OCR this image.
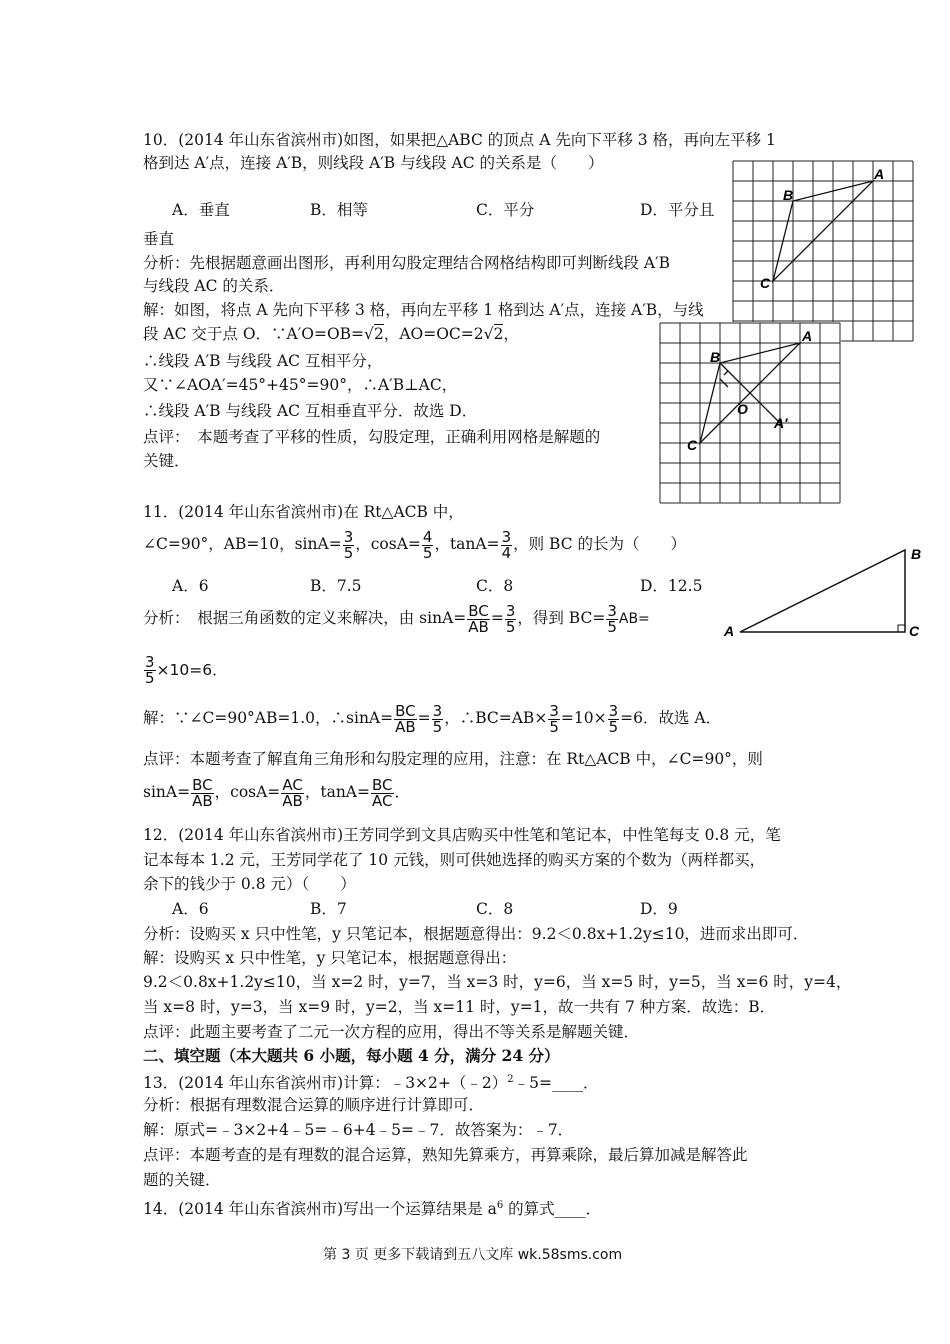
10．(2014 年山东省滨州市)如图，如果把△ABC 的顶点 A 先向下平移 3 格，再向左平移 1
格到达 A′点，连接 A′B，则线段 A′B 与线段 AC 的关系是（　　）
A．垂直	B．相等	C．平分	D．平分且
垂直
分析：先根据题意画出图形，再利用勾股定理结合网格结构即可判断线段 A′B
与线段 AC 的关系．
解：如图，将点 A 先向下平移 3 格，再向左平移 1 格到达 A′点，连接 A′B，与线
段 AC 交于点 O．∵A′O=OB=√2，AO=OC=2√2，
∴线段 A′B 与线段 AC 互相平分，
又∵∠AOA′=45°+45°=90°，∴A′B⊥AC，
∴线段 A′B 与线段 AC 互相垂直平分．故选 D．
点评：　本题考查了平移的性质，勾股定理，正确利用网格是解题的
关键．
A
B
C
A
B
C
O
A′
11．(2014 年山东省滨州市)在 Rt△ACB 中，
∠C=90°，AB=10，$\sin A= \frac{3}{5}$ ，$\cos A= \frac{4}{5}$ ，$\tan A= \frac{3}{4}$ ，则 BC 的长为（　　）
A．6	B．7.5	C．8	D．12.5
分析：　根据三角函数的定义来解决，由 $\sin A= \frac{BC}{AB} = \frac{3}{5}$ ，得到 $BC= \frac{3}{5} AB=$
$\frac{3}{5} \times 10=6$．
解：∵∠C=90°AB=1.0，∴sinA= $\frac{BC}{AB} = \frac{3}{5}$ ，∴BC=AB× $\frac{3}{5} =10\times \frac{3}{5} =6$．故选 A．
点评：本题考查了解直角三角形和勾股定理的应用，注意：在 Rt△ACB 中，∠C=90°，则
$\sin A= \frac{BC}{AB}$ ，$\cos A= \frac{AC}{AB}$ ，$\tan A= \frac{BC}{AC}$ ．
A
B
C
12．(2014 年山东省滨州市)王芳同学到文具店购买中性笔和笔记本，中性笔每支 0.8 元，笔
记本每本 1.2 元，王芳同学花了 10 元钱，则可供她选择的购买方案的个数为（两样都买，
余下的钱少于 0.8 元）（　　）
A．6	B．7	C．8	D．9
分析：设购买 x 只中性笔，y 只笔记本，根据题意得出：9.2＜0.8x+1.2y≤10，进而求出即可．
解：设购买 x 只中性笔，y 只笔记本，根据题意得出：
9.2＜0.8x+1.2y≤10，当 x=2 时，y=7，当 x=3 时，y=6，当 x=5 时，y=5，当 x=6 时，y=4，
当 x=8 时，y=3，当 x=9 时，y=2，当 x=11 时，y=1，故一共有 7 种方案．故选：B．
点评：此题主要考查了二元一次方程的应用，得出不等关系是解题关键．
二、填空题（本大题共 6 小题，每小题 4 分，满分 24 分）
13．(2014 年山东省滨州市)计算：﹣3×2+（﹣2）$^2$﹣5=____．
分析：根据有理数混合运算的顺序进行计算即可．
解：原式=﹣3×2+4﹣5=﹣6+4﹣5=﹣7．故答案为：﹣7．
点评：本题考查的是有理数的混合运算，熟知先算乘方，再算乘除，最后算加减是解答此
题的关键．
14．(2014 年山东省滨州市)写出一个运算结果是 $a^6$ 的算式____．
第 3 页 更多下载请到五八文库 wk.58sms.com
